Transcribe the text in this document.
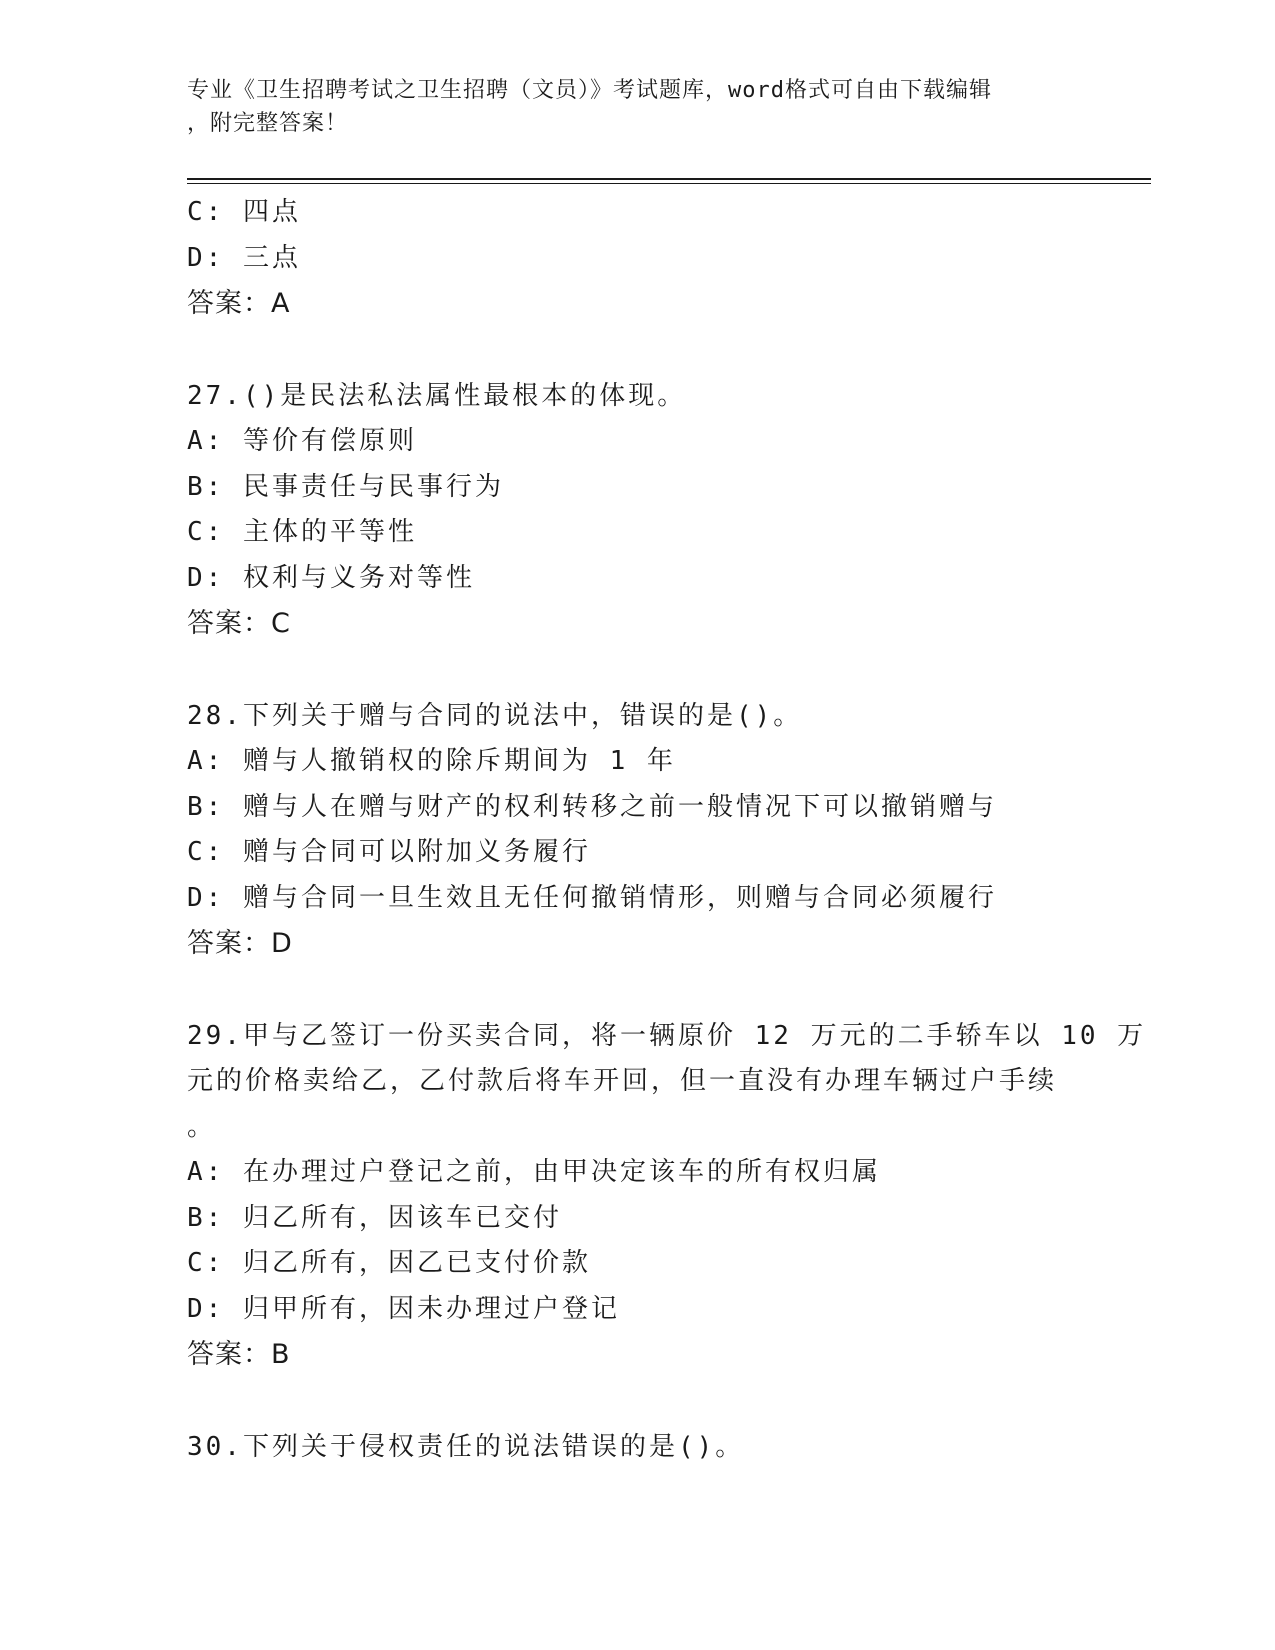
专业《卫生招聘考试之卫生招聘（文员）》考试题库，word格式可自由下载编辑
，附完整答案！
C: 四点
D: 三点
答案：A
27.()是民法私法属性最根本的体现。
A: 等价有偿原则
B: 民事责任与民事行为
C: 主体的平等性
D: 权利与义务对等性
答案：C
28.下列关于赠与合同的说法中，错误的是()。
A: 赠与人撤销权的除斥期间为 1 年
B: 赠与人在赠与财产的权利转移之前一般情况下可以撤销赠与
C: 赠与合同可以附加义务履行
D: 赠与合同一旦生效且无任何撤销情形，则赠与合同必须履行
答案：D
29.甲与乙签订一份买卖合同，将一辆原价 12 万元的二手轿车以 10 万
元的价格卖给乙，乙付款后将车开回，但一直没有办理车辆过户手续
。
A: 在办理过户登记之前，由甲决定该车的所有权归属
B: 归乙所有，因该车已交付
C: 归乙所有，因乙已支付价款
D: 归甲所有，因未办理过户登记
答案：B
30.下列关于侵权责任的说法错误的是()。
